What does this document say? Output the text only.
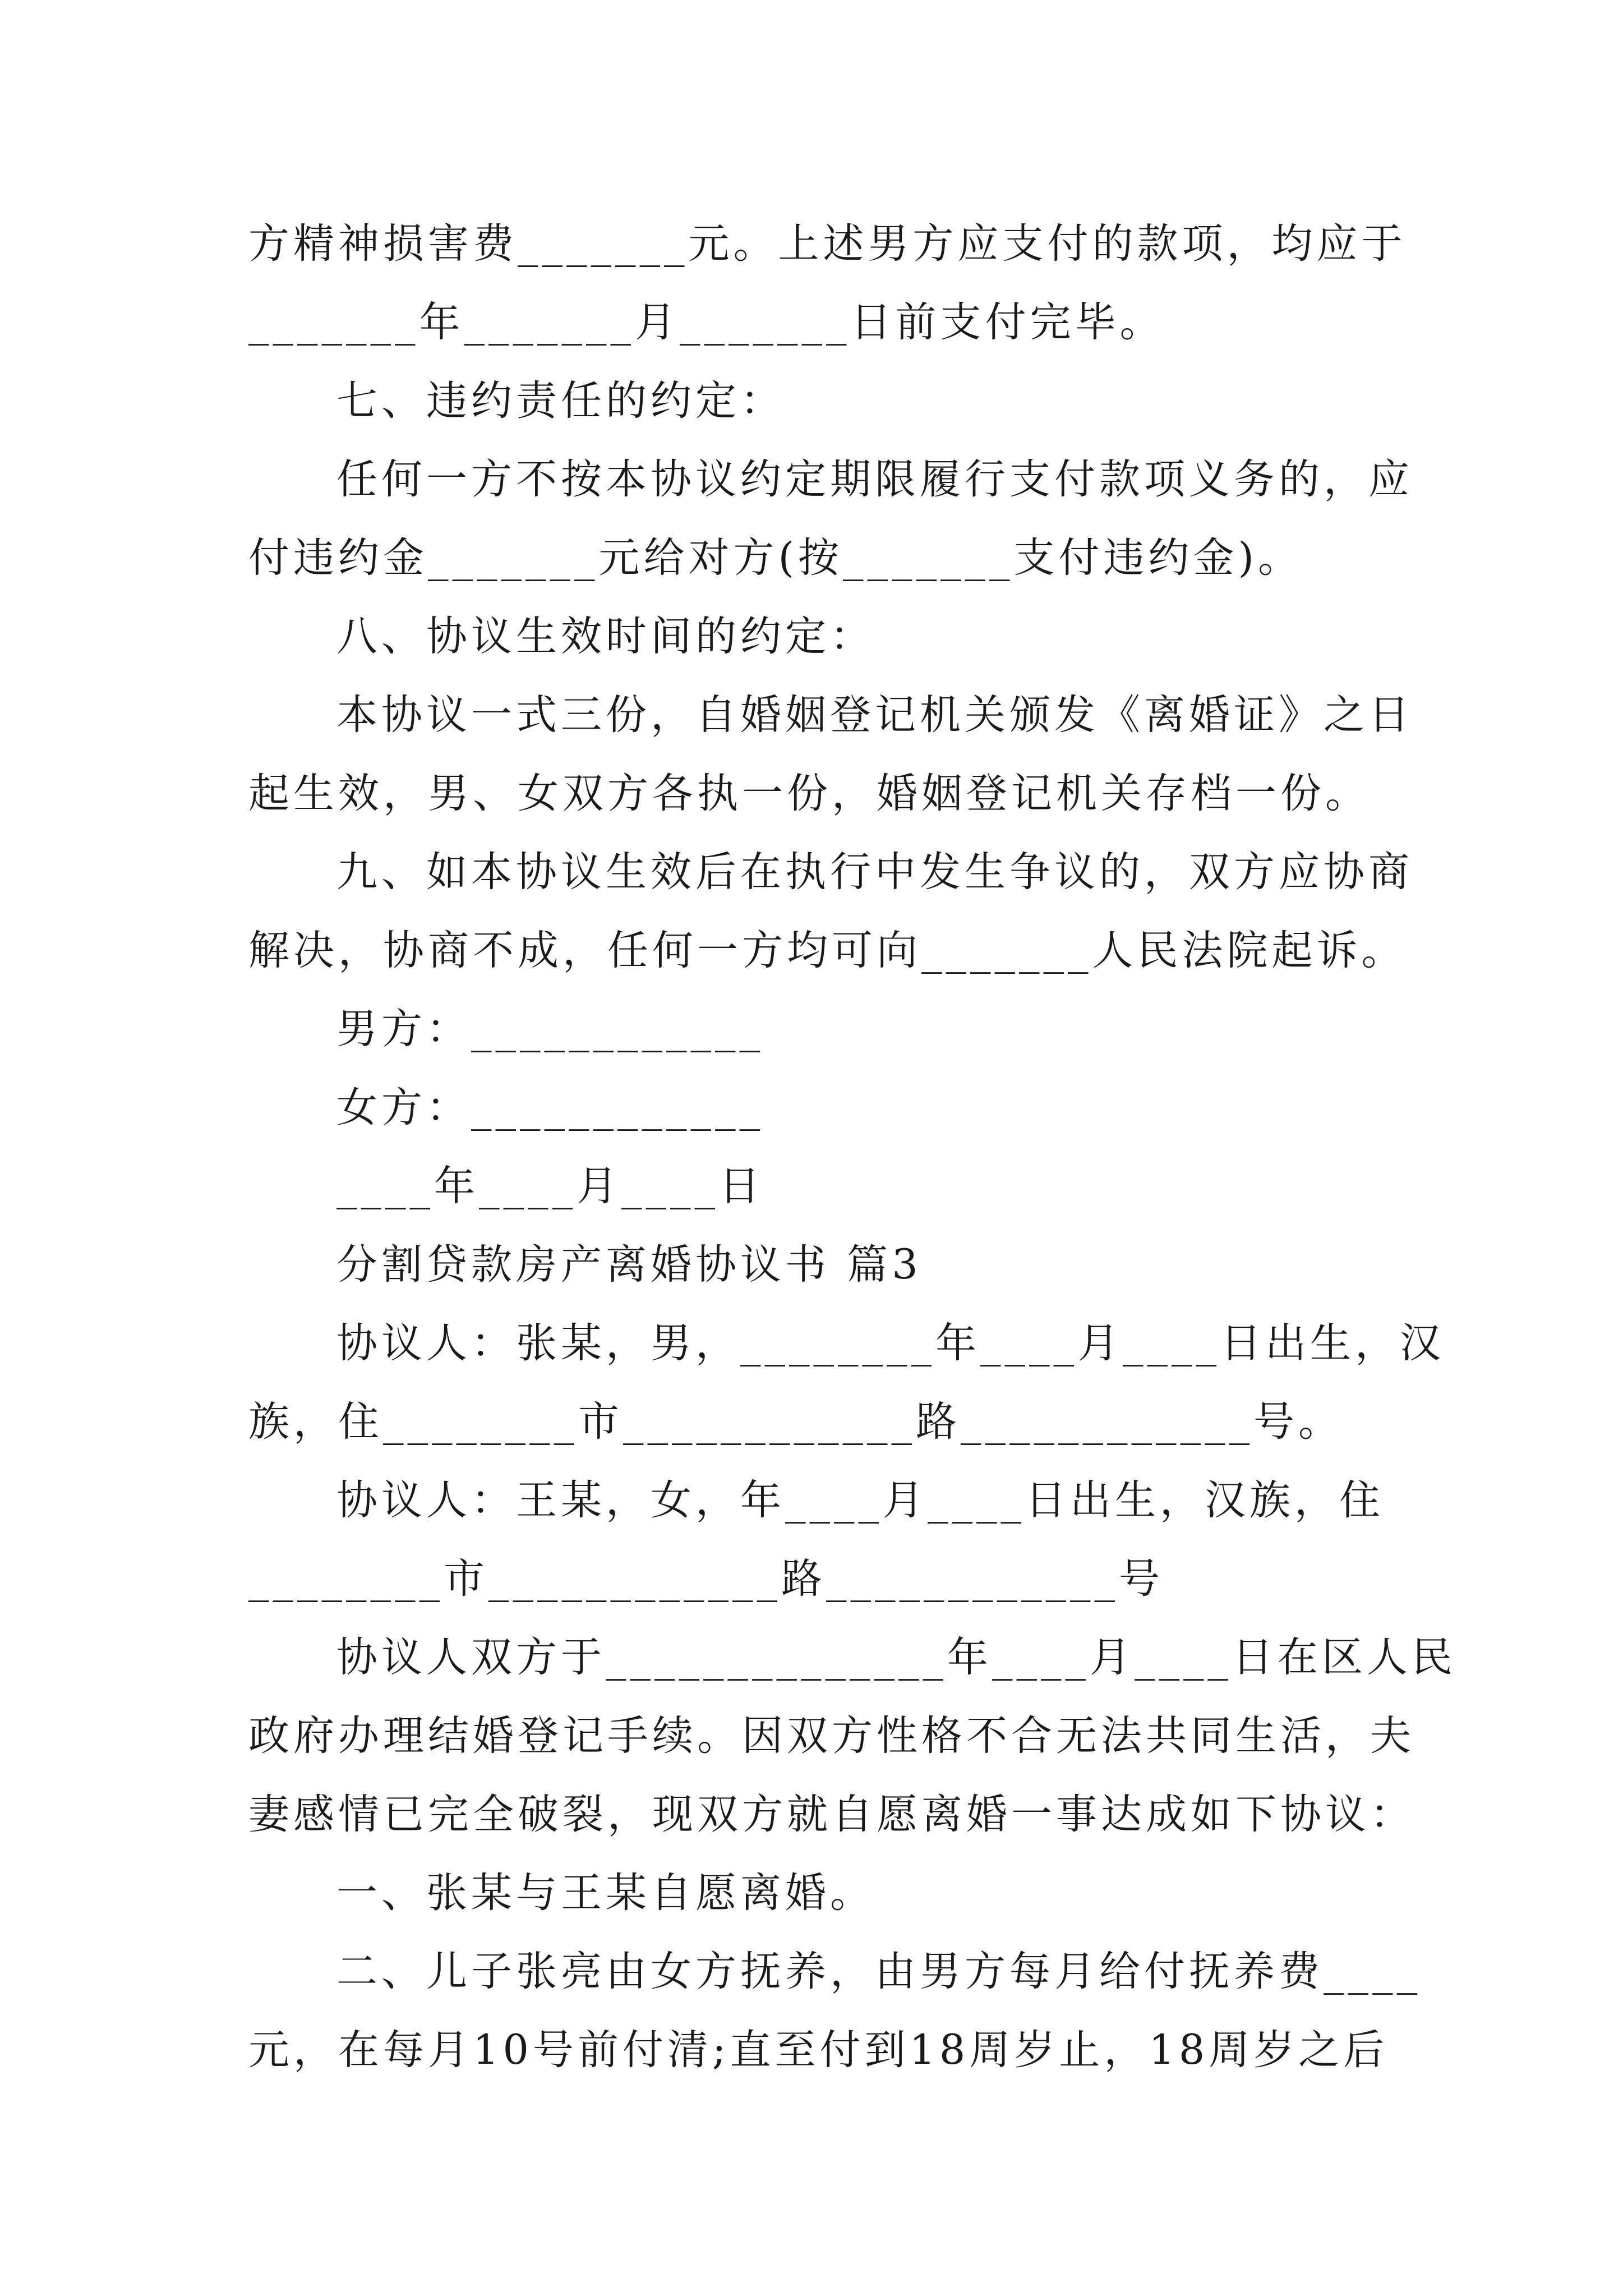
方精神损害费_______元。上述男方应支付的款项，均应于

_______年_______月_______日前支付完毕。

七、违约责任的约定：

任何一方不按本协议约定期限履行支付款项义务的，应

付违约金_______元给对方(按_______支付违约金)。

八、协议生效时间的约定：

本协议一式三份，自婚姻登记机关颁发《离婚证》之日

起生效，男、女双方各执一份，婚姻登记机关存档一份。

九、如本协议生效后在执行中发生争议的，双方应协商

解决，协商不成，任何一方均可向_______人民法院起诉。

男方：____________

女方：____________

____年____月____日

分割贷款房产离婚协议书 篇3

协议人：张某，男，________年____月____日出生，汉

族，住________市____________路____________号。

协议人：王某，女，年____月____日出生，汉族，住

________市____________路____________号

协议人双方于______________年____月____日在区人民

政府办理结婚登记手续。因双方性格不合无法共同生活，夫

妻感情已完全破裂，现双方就自愿离婚一事达成如下协议：

一、张某与王某自愿离婚。

二、儿子张亮由女方抚养，由男方每月给付抚养费____

元，在每月10号前付清;直至付到18周岁止，18周岁之后
